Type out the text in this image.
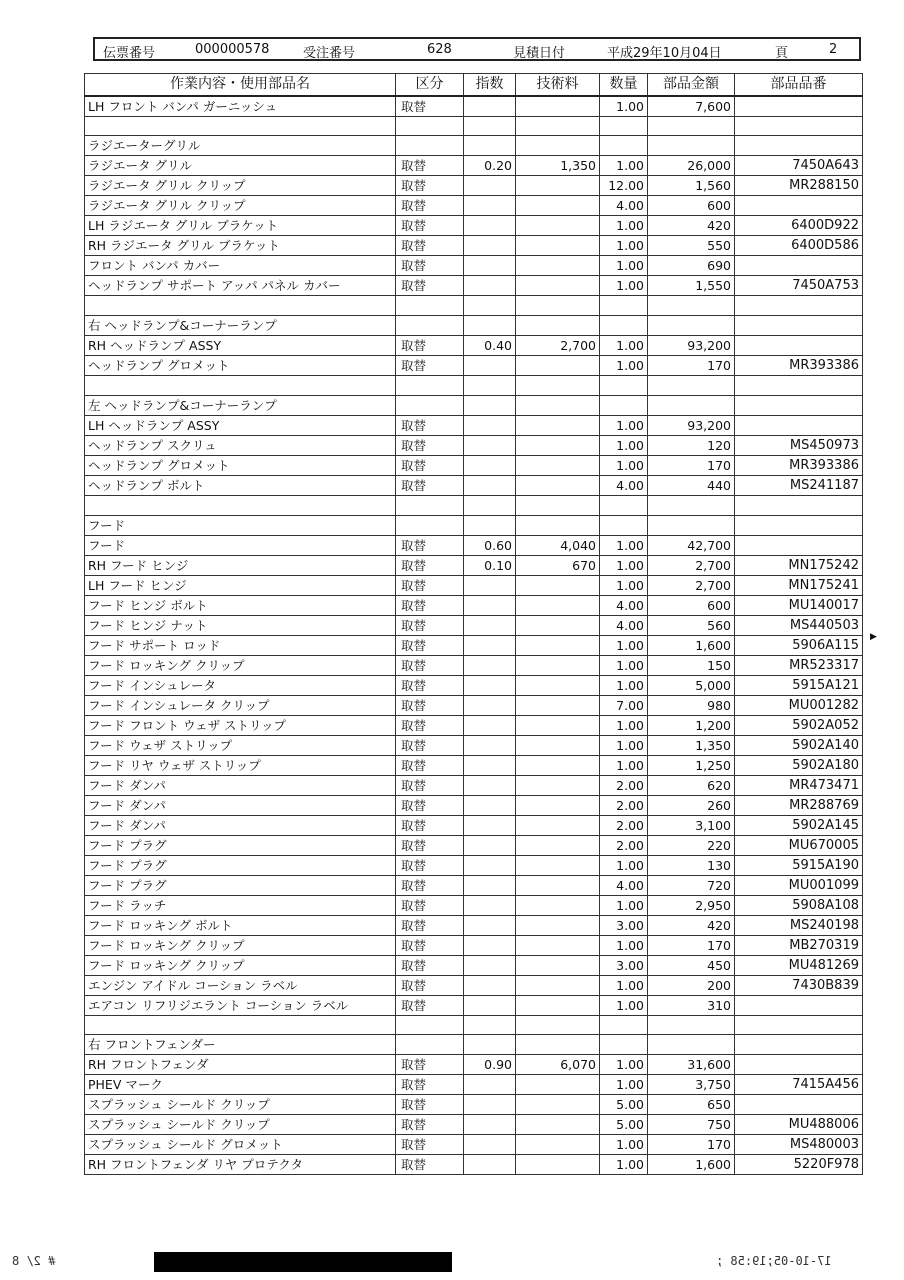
伝票番号	000000578	受注番号	628	見積日付	平成29年10月04日	頁	2
作業内容・使用部品名	区分	指数	技術料	数量	部品金額	部品品番
LH フロント バンパ ガーニッシュ	取替			1.00	7,600	

ラジエーターグリル						
ラジエータ グリル	取替	0.20	1,350	1.00	26,000	7450A643
ラジエータ グリル クリップ	取替			12.00	1,560	MR288150
ラジエータ グリル クリップ	取替			4.00	600	
LH ラジエータ グリル ブラケット	取替			1.00	420	6400D922
RH ラジエータ グリル ブラケット	取替			1.00	550	6400D586
フロント バンパ カバー	取替			1.00	690	
ヘッドランプ サポート アッパ パネル カバー	取替			1.00	1,550	7450A753

右 ヘッドランプ&コーナーランプ						
RH ヘッドランプ ASSY	取替	0.40	2,700	1.00	93,200	
ヘッドランプ グロメット	取替			1.00	170	MR393386

左 ヘッドランプ&コーナーランプ						
LH ヘッドランプ ASSY	取替			1.00	93,200	
ヘッドランプ スクリュ	取替			1.00	120	MS450973
ヘッドランプ グロメット	取替			1.00	170	MR393386
ヘッドランプ ボルト	取替			4.00	440	MS241187

フード						
フード	取替	0.60	4,040	1.00	42,700	
RH フード ヒンジ	取替	0.10	670	1.00	2,700	MN175242
LH フード ヒンジ	取替			1.00	2,700	MN175241
フード ヒンジ ボルト	取替			4.00	600	MU140017
フード ヒンジ ナット	取替			4.00	560	MS440503
フード サポート ロッド	取替			1.00	1,600	5906A115
フード ロッキング クリップ	取替			1.00	150	MR523317
フード インシュレータ	取替			1.00	5,000	5915A121
フード インシュレータ クリップ	取替			7.00	980	MU001282
フード フロント ウェザ ストリップ	取替			1.00	1,200	5902A052
フード ウェザ ストリップ	取替			1.00	1,350	5902A140
フード リヤ ウェザ ストリップ	取替			1.00	1,250	5902A180
フード ダンパ	取替			2.00	620	MR473471
フード ダンパ	取替			2.00	260	MR288769
フード ダンパ	取替			2.00	3,100	5902A145
フード プラグ	取替			2.00	220	MU670005
フード プラグ	取替			1.00	130	5915A190
フード プラグ	取替			4.00	720	MU001099
フード ラッチ	取替			1.00	2,950	5908A108
フード ロッキング ボルト	取替			3.00	420	MS240198
フード ロッキング クリップ	取替			1.00	170	MB270319
フード ロッキング クリップ	取替			3.00	450	MU481269
エンジン アイドル コーション ラベル	取替			1.00	200	7430B839
エアコン リフリジエラント コーション ラベル	取替			1.00	310	

右 フロントフェンダー						
RH フロントフェンダ	取替	0.90	6,070	1.00	31,600	
PHEV マーク	取替			1.00	3,750	7415A456
スプラッシュ シールド クリップ	取替			5.00	650	
スプラッシュ シールド クリップ	取替			5.00	750	MU488006
スプラッシュ シールド グロメット	取替			1.00	170	MS480003
RH フロントフェンダ リヤ プロテクタ	取替			1.00	1,600	5220F978
▶
# 2/ 8	17-10-05;19:58 ;
